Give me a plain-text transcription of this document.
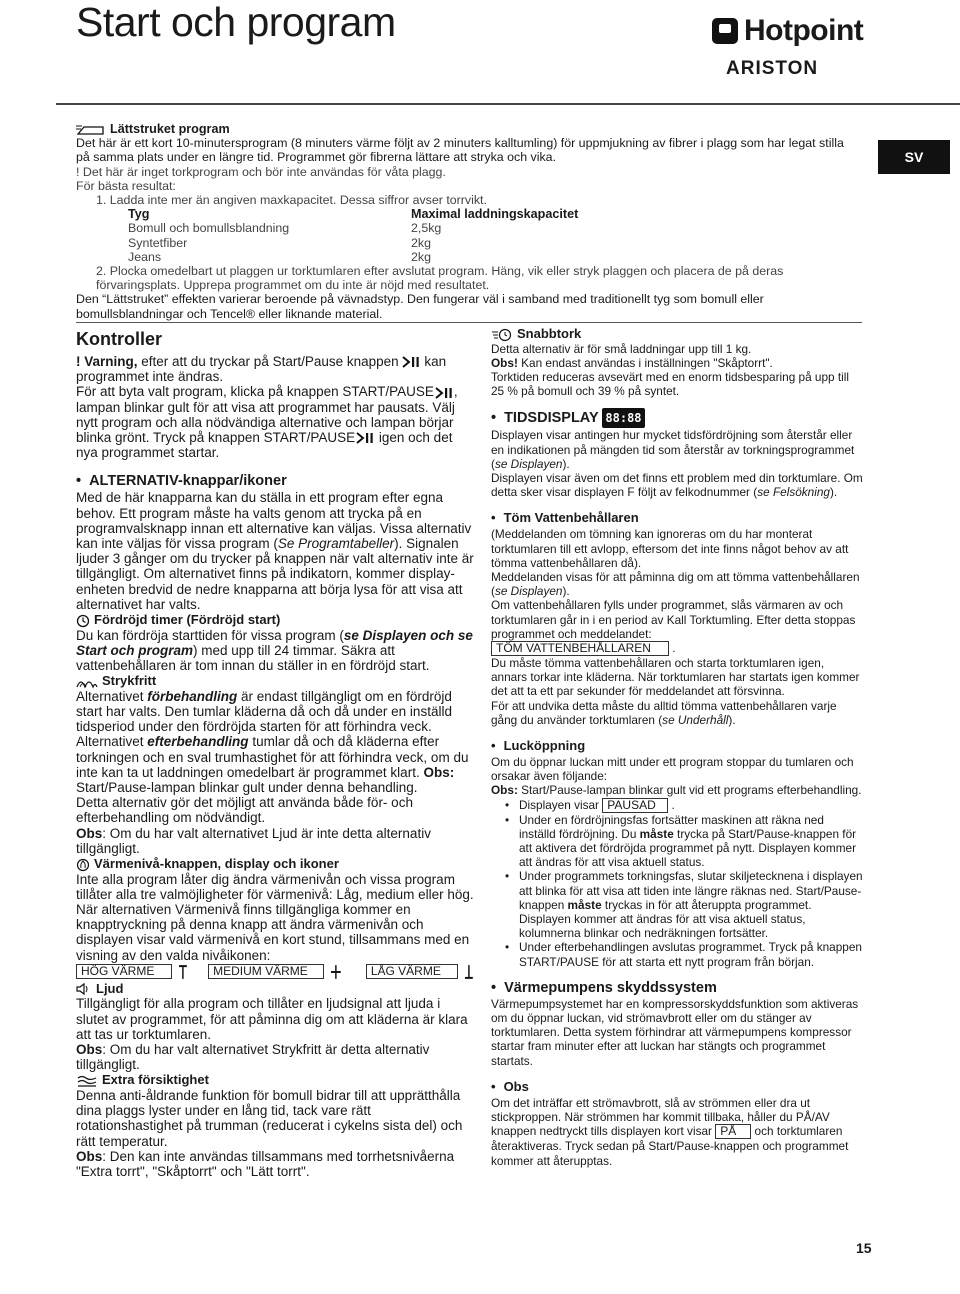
Start och program	Hotpoint
ARISTON
SV

Lättstruket program

Det här är ett kort 10-minutersprogram (8 minuters värme följt av 2 minuters kalltumling) för uppmjukning av fibrer i plagg som har legat stilla på samma plats under en längre tid. Programmet gör fibrerna lättare att stryka och vika.

! Det här är inget torkprogram och bör inte användas för våta plagg.

För bästa resultat:

1. Ladda inte mer än angiven maxkapacitet. Dessa siffror avser torrvikt.

Tyg	Maximal laddningskapacitet
Bomull och bomullsblandning	2,5kg
Syntetfiber	2kg
Jeans	2kg

2. Plocka omedelbart ut plaggen ur torktumlaren efter avslutat program. Häng, vik eller stryk plaggen och placera de på deras förvaringsplats. Upprepa programmet om du inte är nöjd med resultatet.

Den “Lättstruket” effekten varierar beroende på vävnadstyp. Den fungerar väl i samband med traditionellt tyg som bomull eller bomullsblandningar och Tencel® eller liknande material.

Kontroller

! Varning, efter att du tryckar på Start/Pause knappen kan programmet inte ändras.

För att byta valt program, klicka på knappen START/PAUSE , lampan blinkar gult för att visa att programmet har pausats. Välj nytt program och alla nödvändiga alternative och lampan börjar blinka grönt. Tryck på knappen START/PAUSE igen och det nya programmet startar.

• ALTERNATIV-knappar/ikoner

Med de här knapparna kan du ställa in ett program efter egna behov. Ett program måste ha valts genom att trycka på en programvalsknapp innan ett alternative kan väljas. Vissa alternativ kan inte väljas för vissa program (Se Programtabeller). Signalen ljuder 3 gånger om du trycker på knappen när valt alternativ inte är tillgängligt. Om alternativet finns på indikatorn, kommer display-enheten bredvid de nedre knapparna att börja lysa för att visa att alternativet har valts.

Fördröjd timer (Fördröjd start)

Du kan fördröja starttiden för vissa program (se Displayen och se Start och program) med upp till 24 timmar. Säkra att vattenbehållaren är tom innan du ställer in en fördröjd start.

Strykfritt

Alternativet förbehandling är endast tillgängligt om en fördröjd start har valts. Den tumlar kläderna då och då under en inställd tidsperiod under den fördröjda starten för att förhindra veck.

Alternativet efterbehandling tumlar då och då kläderna efter torkningen och en sval trumhastighet för att förhindra veck, om du inte kan ta ut laddningen omedelbart är programmet klart. Obs: Start/Pause-lampan blinkar gult under denna behandling.

Detta alternativ gör det möjligt att använda både för- och efterbehandling om nödvändigt.

Obs: Om du har valt alternativet Ljud är inte detta alternativ tillgängligt.

Värmenivå-knappen, display och ikoner

Inte alla program låter dig ändra värmenivån och vissa program tillåter alla tre valmöjligheter för värmenivå: Låg, medium eller hög. När alternativen Värmenivå finns tillgängliga kommer en knapptryckning på denna knapp att ändra värmenivån och displayen visar vald värmenivå en kort stund, tillsammans med en visning av den valda nivåikonen:

HÖG VÄRME	MEDIUM VÄRME	LÅG VÄRME

Ljud

Tillgängligt för alla program och tillåter en ljudsignal att ljuda i slutet av programmet, för att påminna dig om att kläderna är klara att tas ur torktumlaren.

Obs: Om du har valt alternativet Strykfritt är detta alternativ tillgängligt.

Extra försiktighet

Denna anti-åldrande funktion för bomull bidrar till att upprätthålla dina plaggs lyster under en lång tid, tack vare rätt rotationshastighet på trumman (reducerat i cykelns sista del) och rätt temperatur.

Obs: Den kan inte användas tillsammans med torrhetsnivåerna "Extra torrt", "Skåptorrt" och "Lätt torrt".

Snabbtork

Detta alternativ är för små laddningar upp till 1 kg.

Obs! Kan endast användas i inställningen "Skåptorrt".

Torktiden reduceras avsevärt med en enorm tidsbesparing på upp till 25 % på bomull och 39 % på syntet.

• TIDSDISPLAY 88:88

Displayen visar antingen hur mycket tidsfördröjning som återstår eller en indikationen på mängden tid som återstår av torkningsprogrammet (se Displayen).

Displayen visar även om det finns ett problem med din torktumlare. Om detta sker visar displayen F följt av felkodnummer (se Felsökning).

• Töm Vattenbehållaren

(Meddelanden om tömning kan ignoreras om du har monterat torktumlaren till ett avlopp, eftersom det inte finns något behov av att tömma vattenbehållaren då).

Meddelanden visas för att påminna dig om att tömma vattenbehållaren (se Displayen).

Om vattenbehållaren fylls under programmet, slås värmaren av och torktumlaren går in i en period av Kall Torktumling. Efter detta stoppas programmet och meddelandet:

TÖM VATTENBEHÅLLAREN .

Du måste tömma vattenbehållaren och starta torktumlaren igen, annars torkar inte kläderna. När torktumlaren har startats igen kommer det att ta ett par sekunder för meddelandet att försvinna.

För att undvika detta måste du alltid tömma vattenbehållaren varje gång du använder torktumlaren (se Underhåll).

• Lucköppning

Om du öppnar luckan mitt under ett program stoppar du tumlaren och orsakar även följande:

Obs: Start/Pause-lampan blinkar gult vid ett programs efterbehandling.

• Displayen visar PAUSAD .
• Under en fördröjningsfas fortsätter maskinen att räkna ned inställd fördröjning. Du måste trycka på Start/Pause-knappen för att aktivera det fördröjda programmet på nytt. Displayen kommer att ändras för att visa aktuell status.
• Under programmets torkningsfas, slutar skiljetecknena i displayen att blinka för att visa att tiden inte längre räknas ned. Start/Pause-knappen måste tryckas in för att återuppta programmet. Displayen kommer att ändras för att visa aktuell status, kolumnerna blinkar och nedräkningen fortsätter.
• Under efterbehandlingen avslutas programmet. Tryck på knappen START/PAUSE för att starta ett nytt program från början.

• Värmepumpens skyddssystem

Värmepumpsystemet har en kompressorskyddsfunktion som aktiveras om du öppnar luckan, vid strömavbrott eller om du stänger av torktumlaren. Detta system förhindrar att värmepumpens kompressor startar fram minuter efter att luckan har stängts och programmet startats.

• Obs

Om det inträffar ett strömavbrott, slå av strömmen eller dra ut stickproppen. När strömmen har kommit tillbaka, håller du PÅ/AV knappen nedtryckt tills displayen kort visar PÅ och torktumlaren återaktiveras. Tryck sedan på Start/Pause-knappen och programmet kommer att återupptas.

15
